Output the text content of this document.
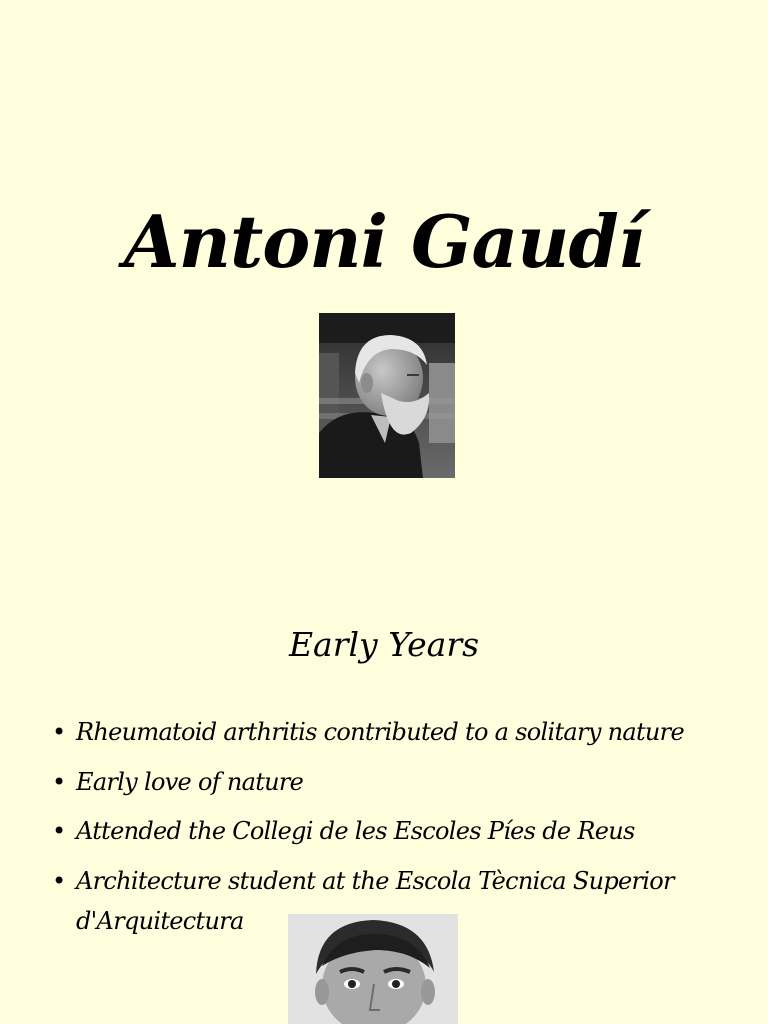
Antoni Gaudí
Early Years
• Rheumatoid arthritis contributed to a solitary nature
• Early love of nature
• Attended the Collegi de les Escoles Píes de Reus
• Architecture student at the Escola Tècnica Superior
d'Arquitectura
